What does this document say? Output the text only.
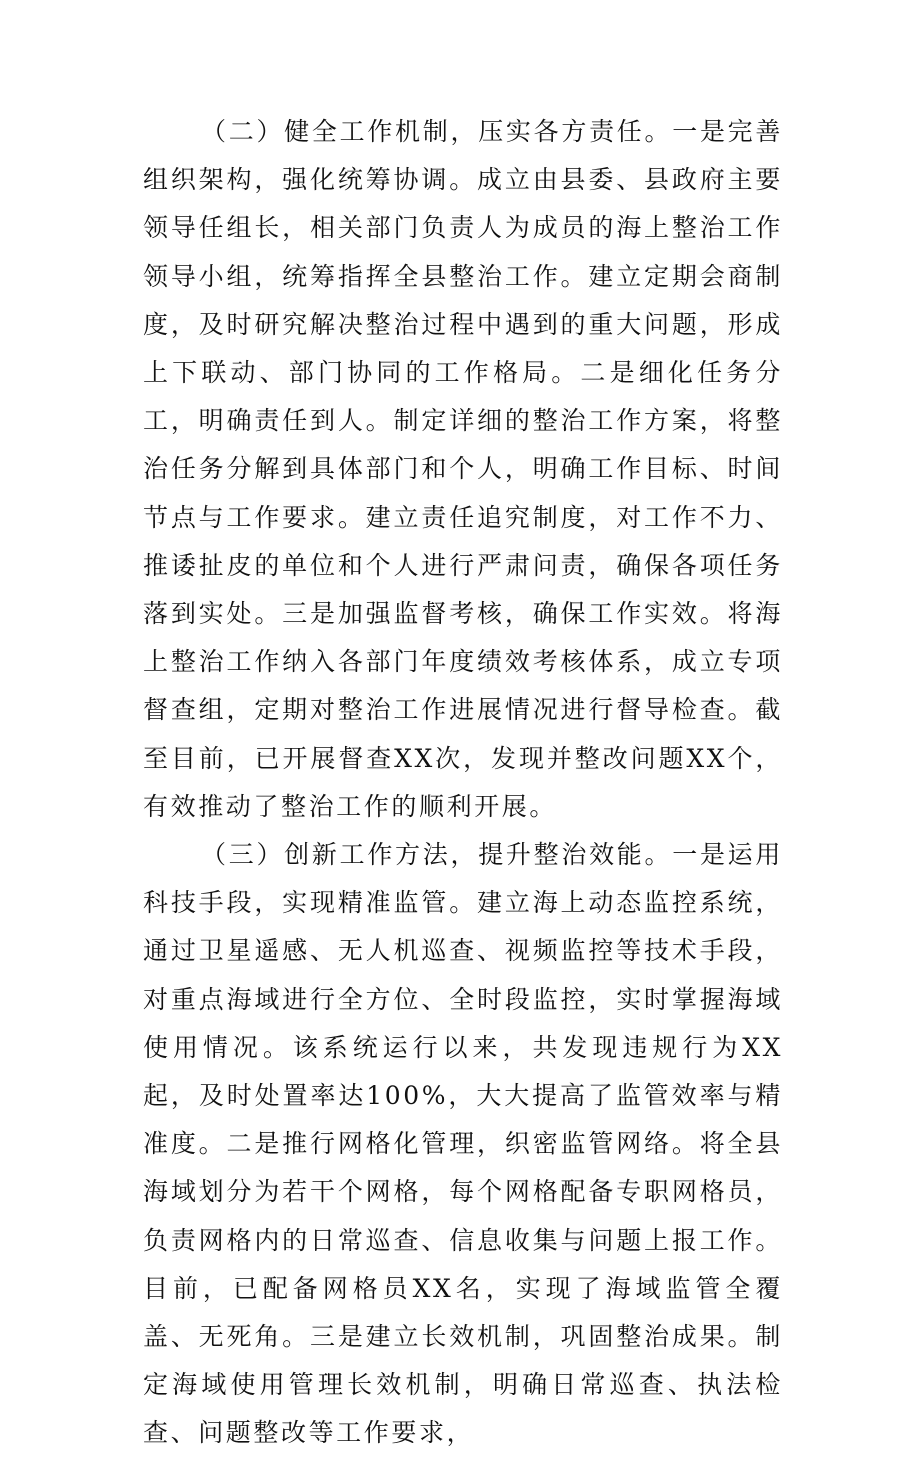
（二）健全工作机制，压实各方责任。一是完善组织架构，强化统筹协调。成立由县委、县政府主要领导任组长，相关部门负责人为成员的海上整治工作领导小组，统筹指挥全县整治工作。建立定期会商制度，及时研究解决整治过程中遇到的重大问题，形成上下联动、部门协同的工作格局。二是细化任务分工，明确责任到人。制定详细的整治工作方案，将整治任务分解到具体部门和个人，明确工作目标、时间节点与工作要求。建立责任追究制度，对工作不力、推诿扯皮的单位和个人进行严肃问责，确保各项任务落到实处。三是加强监督考核，确保工作实效。将海上整治工作纳入各部门年度绩效考核体系，成立专项督查组，定期对整治工作进展情况进行督导检查。截至目前，已开展督查XX次，发现并整改问题XX个，有效推动了整治工作的顺利开展。

（三）创新工作方法，提升整治效能。一是运用科技手段，实现精准监管。建立海上动态监控系统，通过卫星遥感、无人机巡查、视频监控等技术手段，对重点海域进行全方位、全时段监控，实时掌握海域使用情况。该系统运行以来，共发现违规行为XX起，及时处置率达100%，大大提高了监管效率与精准度。二是推行网格化管理，织密监管网络。将全县海域划分为若干个网格，每个网格配备专职网格员，负责网格内的日常巡查、信息收集与问题上报工作。目前，已配备网格员XX名，实现了海域监管全覆盖、无死角。三是建立长效机制，巩固整治成果。制定海域使用管理长效机制，明确日常巡查、执法检查、问题整改等工作要求，
